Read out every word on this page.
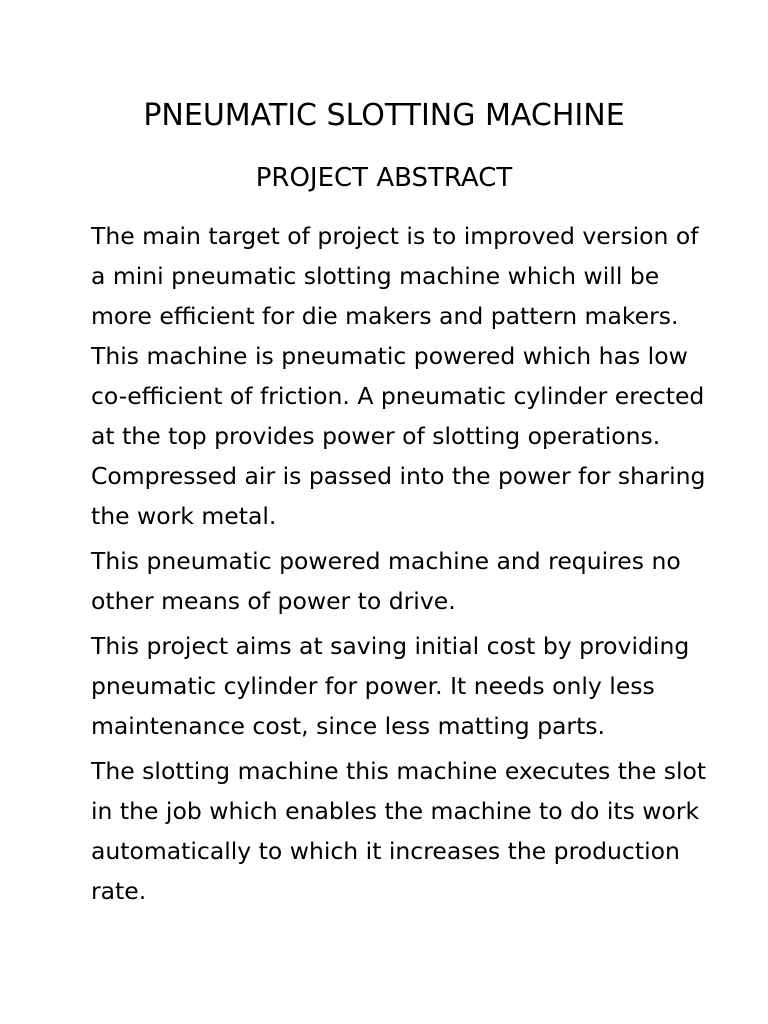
PNEUMATIC SLOTTING MACHINE
PROJECT ABSTRACT

The main target of project is to improved version of
a mini pneumatic slotting machine which will be
more efficient for die makers and pattern makers.
This machine is pneumatic powered which has low
co-efficient of friction. A pneumatic cylinder erected
at the top provides power of slotting operations.
Compressed air is passed into the power for sharing
the work metal.

This pneumatic powered machine and requires no
other means of power to drive.

This project aims at saving initial cost by providing
pneumatic cylinder for power. It needs only less
maintenance cost, since less matting parts.

The slotting machine this machine executes the slot
in the job which enables the machine to do its work
automatically to which it increases the production
rate.
